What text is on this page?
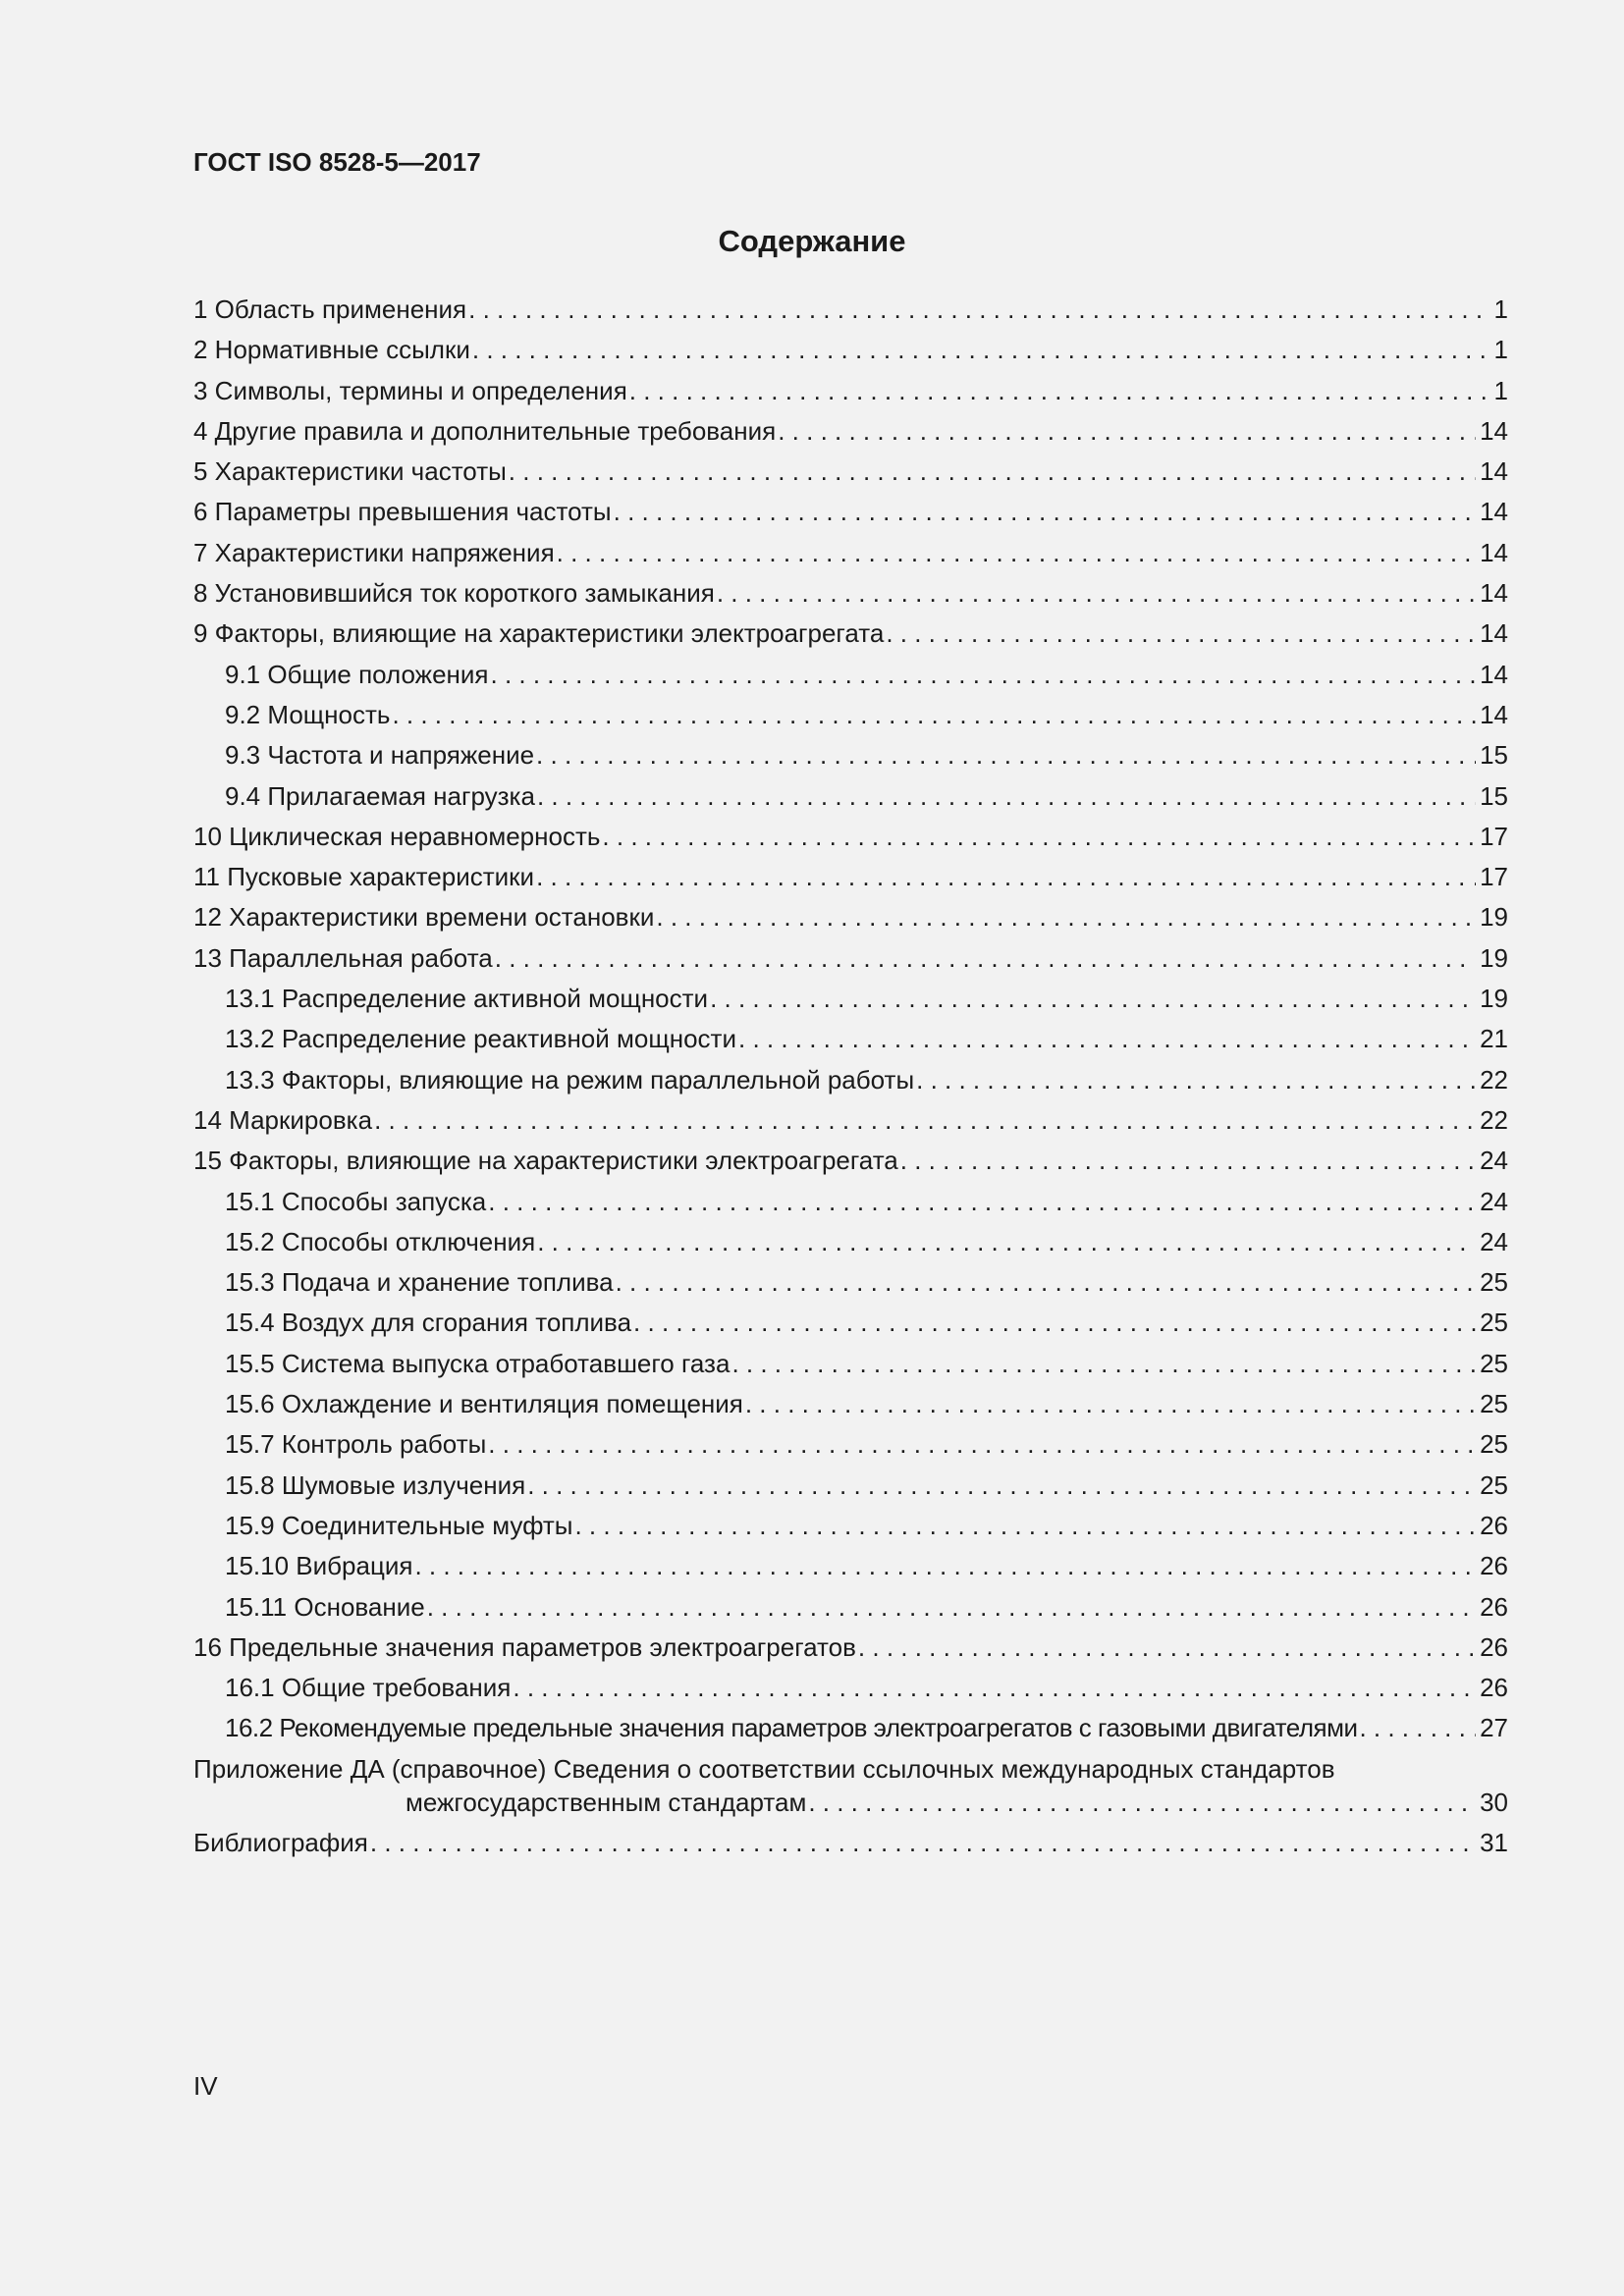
ГОСТ ISO 8528-5—2017
Содержание
1 Область применения . . .	1
2 Нормативные ссылки . . .	1
3 Символы, термины и определения . . .	1
4 Другие правила и дополнительные требования . . .	14
5 Характеристики частоты . . .	14
6 Параметры превышения частоты . . .	14
7 Характеристики напряжения . . .	14
8 Установившийся ток короткого замыкания . . .	14
9 Факторы, влияющие на характеристики электроагрегата . . .	14
9.1 Общие положения . . .	14
9.2 Мощность . . .	14
9.3 Частота и напряжение . . .	15
9.4 Прилагаемая нагрузка . . .	15
10 Циклическая неравномерность . . .	17
11 Пусковые характеристики . . .	17
12 Характеристики времени остановки . . .	19
13 Параллельная работа . . .	19
13.1 Распределение активной мощности . . .	19
13.2 Распределение реактивной мощности . . .	21
13.3 Факторы, влияющие на режим параллельной работы . . .	22
14 Маркировка . . .	22
15 Факторы, влияющие на характеристики электроагрегата . . .	24
15.1 Способы запуска . . .	24
15.2 Способы отключения . . .	24
15.3 Подача и хранение топлива . . .	25
15.4 Воздух для сгорания топлива . . .	25
15.5 Система выпуска отработавшего газа . . .	25
15.6 Охлаждение и вентиляция помещения . . .	25
15.7 Контроль работы . . .	25
15.8 Шумовые излучения . . .	25
15.9 Соединительные муфты . . .	26
15.10 Вибрация . . .	26
15.11 Основание . . .	26
16 Предельные значения параметров электроагрегатов . . .	26
16.1 Общие требования . . .	26
16.2 Рекомендуемые предельные значения параметров электроагрегатов с газовыми двигателями . . .	27
Приложение ДА (справочное) Сведения о соответствии ссылочных международных стандартов
межгосударственным стандартам . . .	30
Библиография . . .	31
IV
